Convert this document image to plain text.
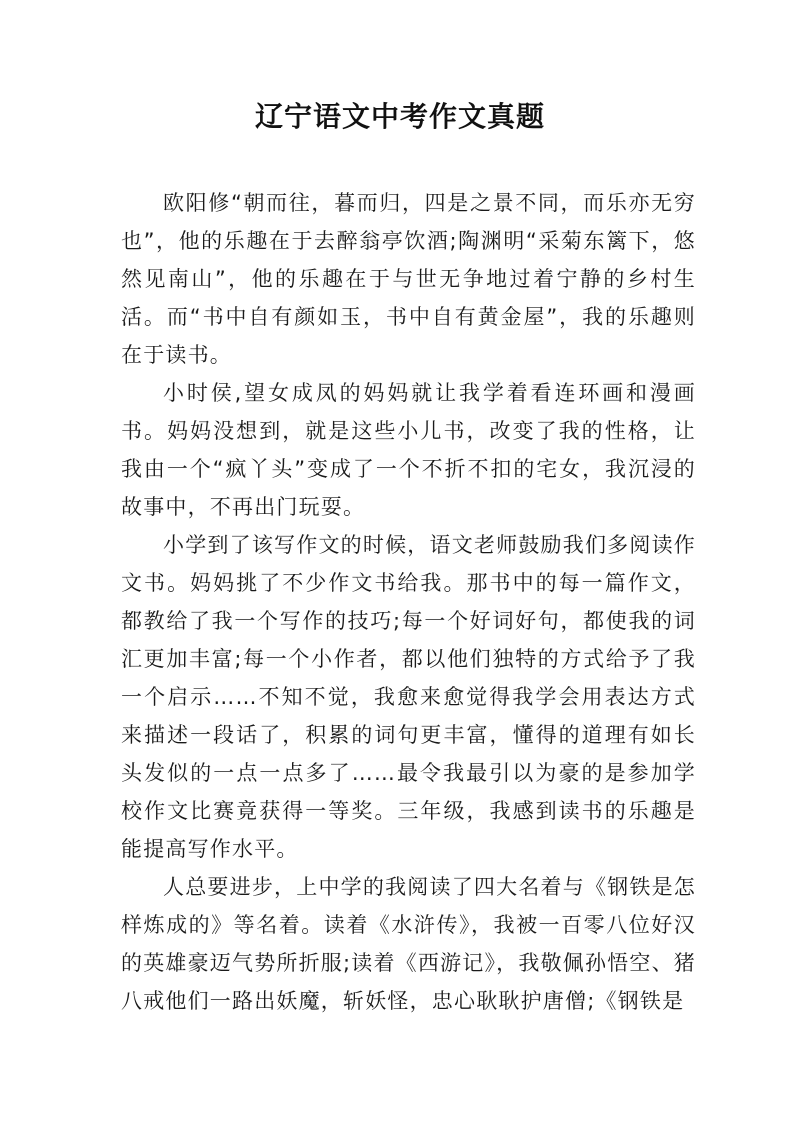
辽宁语文中考作文真题

欧阳修“朝而往，暮而归，四是之景不同，而乐亦无穷也”，他的乐趣在于去醉翁亭饮酒;陶渊明“采菊东篱下，悠然见南山”，他的乐趣在于与世无争地过着宁静的乡村生活。而“书中自有颜如玉，书中自有黄金屋”，我的乐趣则在于读书。

小时侯,望女成凤的妈妈就让我学着看连环画和漫画书。妈妈没想到，就是这些小儿书，改变了我的性格，让我由一个“疯丫头”变成了一个不折不扣的宅女，我沉浸的故事中，不再出门玩耍。

小学到了该写作文的时候，语文老师鼓励我们多阅读作文书。妈妈挑了不少作文书给我。那书中的每一篇作文，都教给了我一个写作的技巧;每一个好词好句，都使我的词汇更加丰富;每一个小作者，都以他们独特的方式给予了我一个启示……不知不觉，我愈来愈觉得我学会用表达方式来描述一段话了，积累的词句更丰富，懂得的道理有如长头发似的一点一点多了……最令我最引以为豪的是参加学校作文比赛竟获得一等奖。三年级，我感到读书的乐趣是能提高写作水平。

人总要进步，上中学的我阅读了四大名着与《钢铁是怎样炼成的》等名着。读着《水浒传》，我被一百零八位好汉的英雄豪迈气势所折服;读着《西游记》，我敬佩孙悟空、猪八戒他们一路出妖魔，斩妖怪，忠心耿耿护唐僧;《钢铁是
